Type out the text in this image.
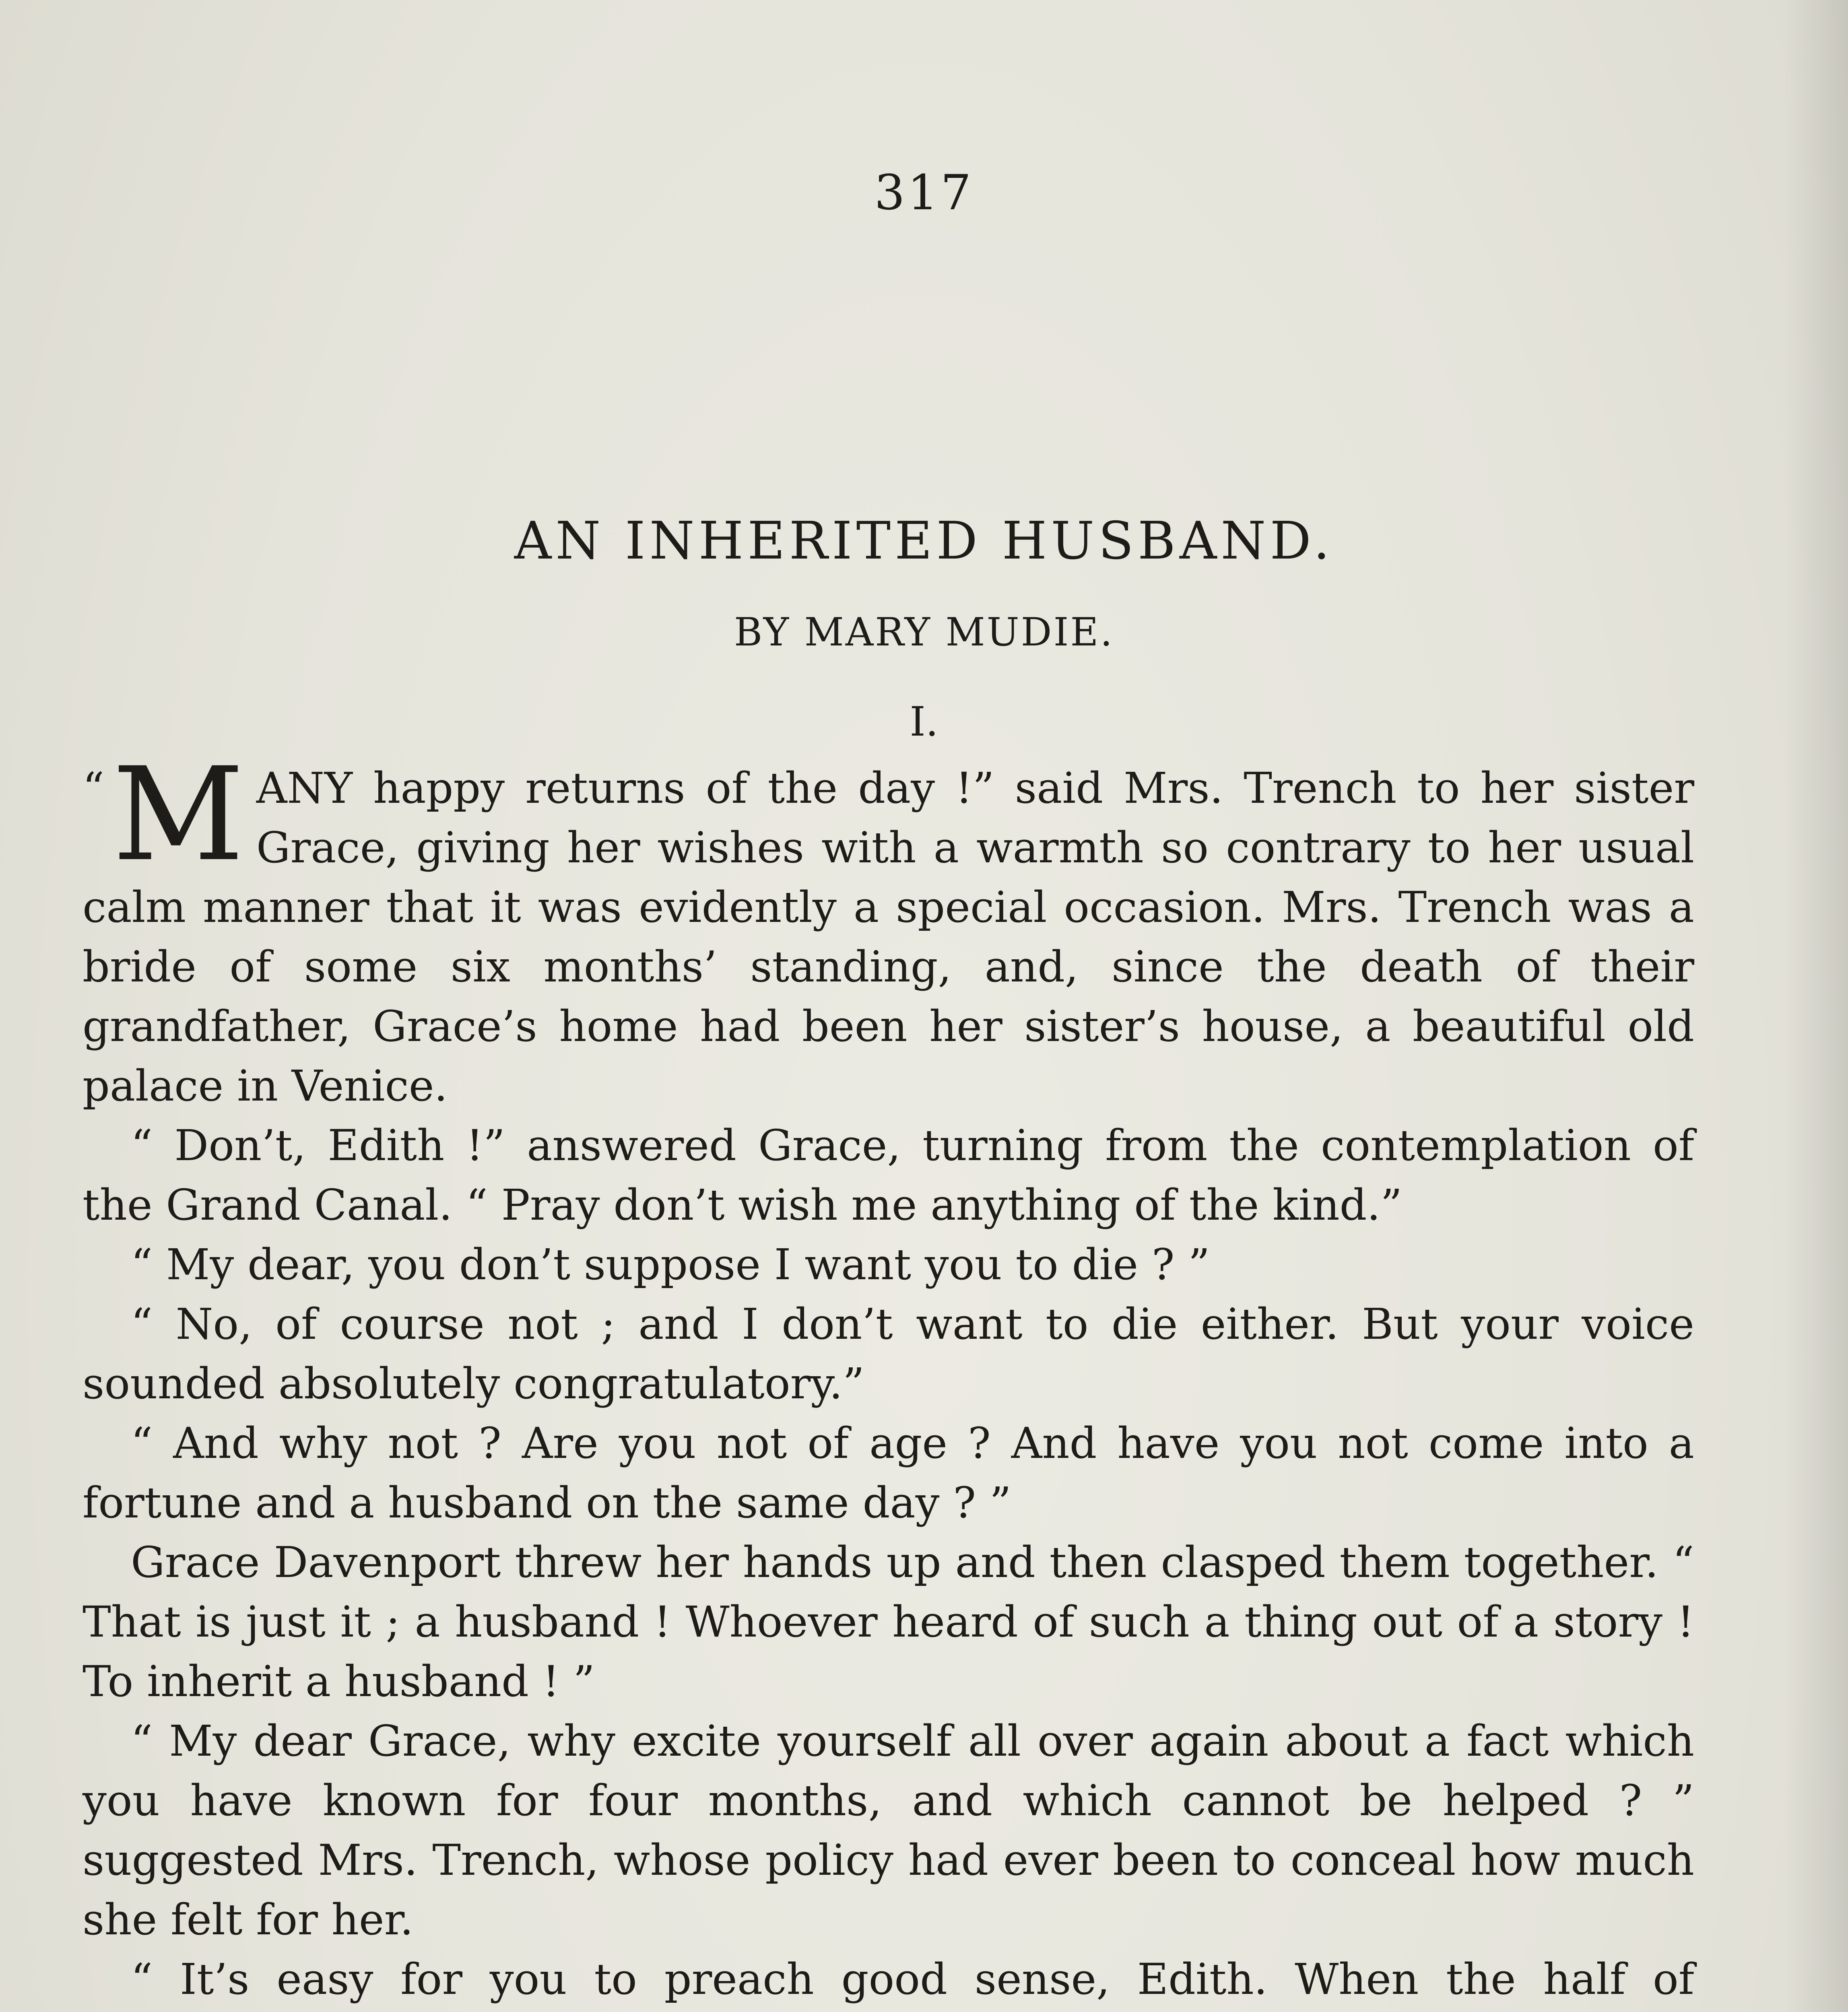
317
AN INHERITED HUSBAND.
BY MARY MUDIE.
I.

“ M ANY happy returns of the day !” said Mrs. Trench to her sister Grace, giving her wishes with a warmth so contrary to her usual calm manner that it was evidently a special occasion. Mrs. Trench was a bride of some six months’ standing, and, since the death of their grandfather, Grace’s home had been her sister’s house, a beautiful old palace in Venice.

“ Don’t, Edith !” answered Grace, turning from the contemplation of the Grand Canal. “ Pray don’t wish me anything of the kind.”

“ My dear, you don’t suppose I want you to die ? ”

“ No, of course not ; and I don’t want to die either. But your voice sounded absolutely congratulatory.”

“ And why not ? Are you not of age ? And have you not come into a fortune and a husband on the same day ? ”

Grace Davenport threw her hands up and then clasped them together. “ That is just it ; a husband ! Whoever heard of such a thing out of a story ! To inherit a husband ! ”

“ My dear Grace, why excite yourself all over again about a fact which you have known for four months, and which cannot be helped ? ” suggested Mrs. Trench, whose policy had ever been to conceal how much she felt for her.

“ It’s easy for you to preach good sense, Edith. When the half of
